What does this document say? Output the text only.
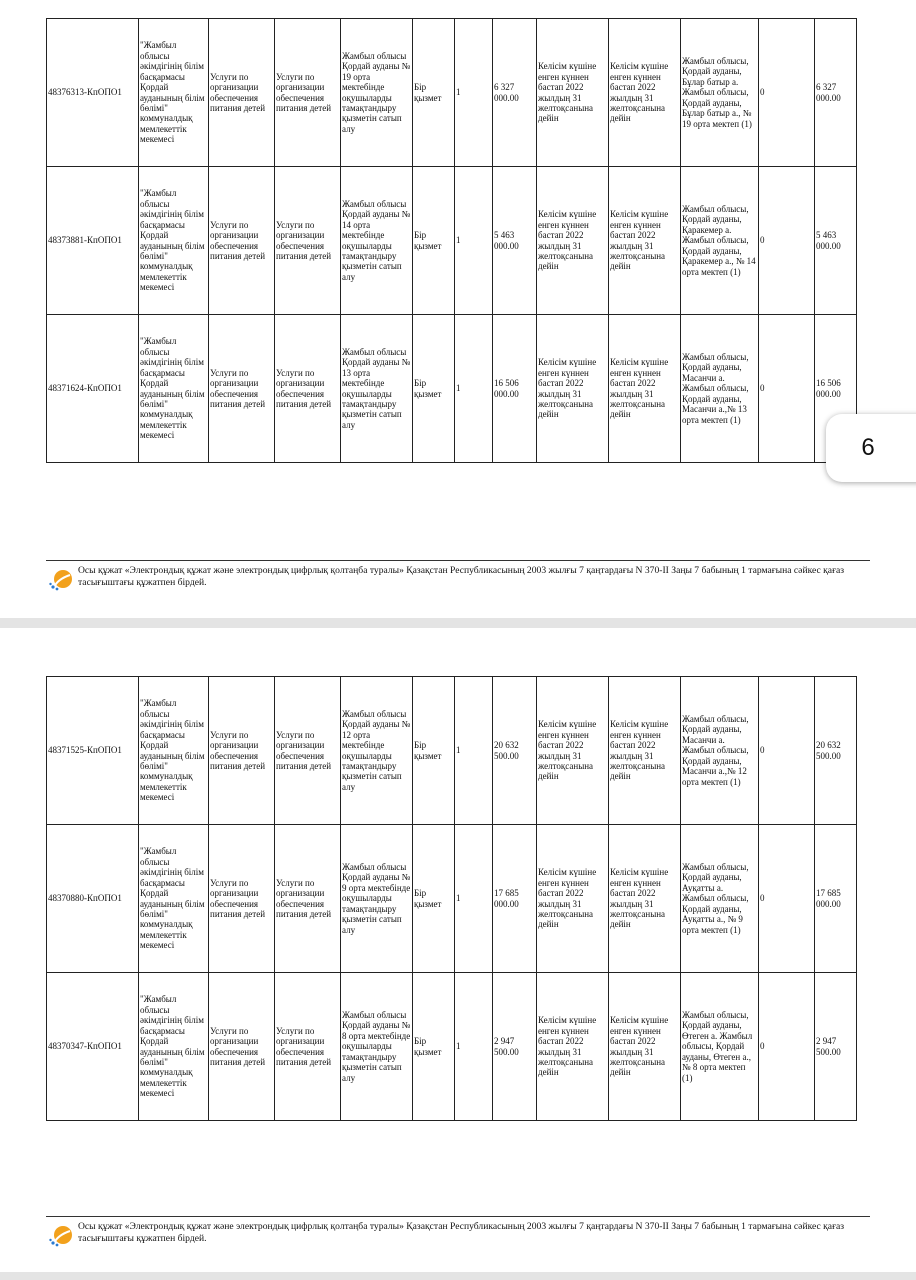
48376313-КпОПО1	"Жамбыл облысы әкімдігінің білім басқармасы Қордай ауданының білім бөлімі" коммуналдық мемлекеттік мекемесі	Услуги по организации обеспечения питания детей	Услуги по организации обеспечения питания детей	Жамбыл облысы Қордай ауданы № 19 орта мектебінде оқушыларды тамақтандыру қызметін сатып алу	Бір қызмет	1	6 327 000.00	Келісім күшіне енген күннен бастап 2022 жылдың 31 желтоқсанына дейін	Келісім күшіне енген күннен бастап 2022 жылдың 31 желтоқсанына дейін	Жамбыл облысы, Қордай ауданы, Бұлар батыр а. Жамбыл облысы, Қордай ауданы, Бұлар батыр а., № 19 орта мектеп (1)	0	6 327 000.00
48373881-КпОПО1	"Жамбыл облысы әкімдігінің білім басқармасы Қордай ауданының білім бөлімі" коммуналдық мемлекеттік мекемесі	Услуги по организации обеспечения питания детей	Услуги по организации обеспечения питания детей	Жамбыл облысы Қордай ауданы № 14 орта мектебінде оқушыларды тамақтандыру қызметін сатып алу	Бір қызмет	1	5 463 000.00	Келісім күшіне енген күннен бастап 2022 жылдың 31 желтоқсанына дейін	Келісім күшіне енген күннен бастап 2022 жылдың 31 желтоқсанына дейін	Жамбыл облысы, Қордай ауданы, Қаракемер а. Жамбыл облысы, Қордай ауданы, Қаракемер а., № 14 орта мектеп (1)	0	5 463 000.00
48371624-КпОПО1	"Жамбыл облысы әкімдігінің білім басқармасы Қордай ауданының білім бөлімі" коммуналдық мемлекеттік мекемесі	Услуги по организации обеспечения питания детей	Услуги по организации обеспечения питания детей	Жамбыл облысы Қордай ауданы № 13 орта мектебінде оқушыларды тамақтандыру қызметін сатып алу	Бір қызмет	1	16 506 000.00	Келісім күшіне енген күннен бастап 2022 жылдың 31 желтоқсанына дейін	Келісім күшіне енген күннен бастап 2022 жылдың 31 желтоқсанына дейін	Жамбыл облысы, Қордай ауданы, Масанчи а. Жамбыл облысы, Қордай ауданы, Масанчи а.,№ 13 орта мектеп (1)	0	16 506 000.00
Осы құжат «Электрондық құжат және электрондық цифрлық қолтаңба туралы» Қазақстан Республикасының 2003 жылғы 7 қаңтардағы N 370-II Заңы 7 бабының 1 тармағына сәйкес қағаз тасығыштағы құжатпен бірдей.
6
48371525-КпОПО1	"Жамбыл облысы әкімдігінің білім басқармасы Қордай ауданының білім бөлімі" коммуналдық мемлекеттік мекемесі	Услуги по организации обеспечения питания детей	Услуги по организации обеспечения питания детей	Жамбыл облысы Қордай ауданы № 12 орта мектебінде оқушыларды тамақтандыру қызметін сатып алу	Бір қызмет	1	20 632 500.00	Келісім күшіне енген күннен бастап 2022 жылдың 31 желтоқсанына дейін	Келісім күшіне енген күннен бастап 2022 жылдың 31 желтоқсанына дейін	Жамбыл облысы, Қордай ауданы, Масанчи а. Жамбыл облысы, Қордай ауданы, Масанчи а.,№ 12 орта мектеп (1)	0	20 632 500.00
48370880-КпОПО1	"Жамбыл облысы әкімдігінің білім басқармасы Қордай ауданының білім бөлімі" коммуналдық мемлекеттік мекемесі	Услуги по организации обеспечения питания детей	Услуги по организации обеспечения питания детей	Жамбыл облысы Қордай ауданы № 9 орта мектебінде оқушыларды тамақтандыру қызметін сатып алу	Бір қызмет	1	17 685 000.00	Келісім күшіне енген күннен бастап 2022 жылдың 31 желтоқсанына дейін	Келісім күшіне енген күннен бастап 2022 жылдың 31 желтоқсанына дейін	Жамбыл облысы, Қордай ауданы, Ауқатты а. Жамбыл облысы, Қордай ауданы, Ауқатты а., № 9 орта мектеп (1)	0	17 685 000.00
48370347-КпОПО1	"Жамбыл облысы әкімдігінің білім басқармасы Қордай ауданының білім бөлімі" коммуналдық мемлекеттік мекемесі	Услуги по организации обеспечения питания детей	Услуги по организации обеспечения питания детей	Жамбыл облысы Қордай ауданы № 8 орта мектебінде оқушыларды тамақтандыру қызметін сатып алу	Бір қызмет	1	2 947 500.00	Келісім күшіне енген күннен бастап 2022 жылдың 31 желтоқсанына дейін	Келісім күшіне енген күннен бастап 2022 жылдың 31 желтоқсанына дейін	Жамбыл облысы, Қордай ауданы, Өтеген а. Жамбыл облысы, Қордай ауданы, Өтеген а., № 8 орта мектеп (1)	0	2 947 500.00
Осы құжат «Электрондық құжат және электрондық цифрлық қолтаңба туралы» Қазақстан Республикасының 2003 жылғы 7 қаңтардағы N 370-II Заңы 7 бабының 1 тармағына сәйкес қағаз тасығыштағы құжатпен бірдей.
